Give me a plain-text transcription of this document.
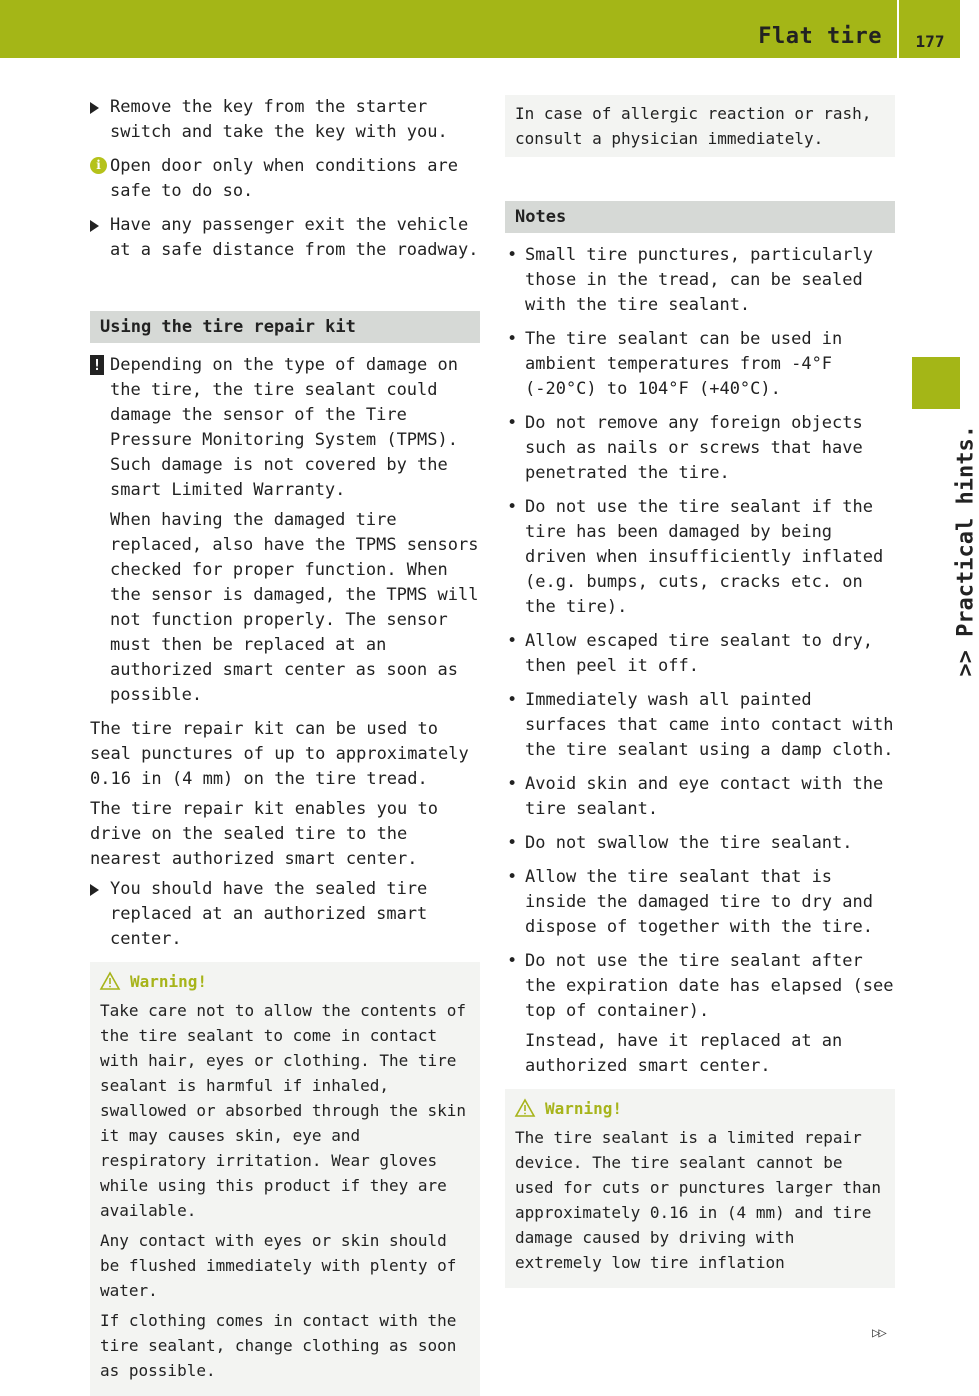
Flat tire	177
>> Practical hints.
Remove the key from the starter switch and take the key with you.
i Open door only when conditions are safe to do so.
Have any passenger exit the vehicle at a safe distance from the roadway.
Using the tire repair kit
! Depending on the type of damage on the tire, the tire sealant could damage the sensor of the Tire Pressure Monitoring System (TPMS). Such damage is not covered by the smart Limited Warranty.

When having the damaged tire replaced, also have the TPMS sensors checked for proper function. When the sensor is damaged, the TPMS will not function properly. The sensor must then be replaced at an authorized smart center as soon as possible.

The tire repair kit can be used to seal punctures of up to approximately 0.16 in (4 mm) on the tire tread.

The tire repair kit enables you to drive on the sealed tire to the nearest authorized smart center.

You should have the sealed tire replaced at an authorized smart center.
Warning!

Take care not to allow the contents of the tire sealant to come in contact with hair, eyes or clothing. The tire sealant is harmful if inhaled, swallowed or absorbed through the skin it may causes skin, eye and respiratory irritation. Wear gloves while using this product if they are available.

Any contact with eyes or skin should be flushed immediately with plenty of water.

If clothing comes in contact with the tire sealant, change clothing as soon as possible.

In case of allergic reaction or rash, consult a physician immediately.
Notes
• Small tire punctures, particularly those in the tread, can be sealed with the tire sealant.

• The tire sealant can be used in ambient temperatures from -4°F (-20°C) to 104°F (+40°C).

• Do not remove any foreign objects such as nails or screws that have penetrated the tire.

• Do not use the tire sealant if the tire has been damaged by being driven when insufficiently inflated (e.g. bumps, cuts, cracks etc. on the tire).

• Allow escaped tire sealant to dry, then peel it off.

• Immediately wash all painted surfaces that came into contact with the tire sealant using a damp cloth.

• Avoid skin and eye contact with the tire sealant.

• Do not swallow the tire sealant.

• Allow the tire sealant that is inside the damaged tire to dry and dispose of together with the tire.

• Do not use the tire sealant after the expiration date has elapsed (see top of container).

Instead, have it replaced at an authorized smart center.

Warning!

The tire sealant is a limited repair device. The tire sealant cannot be used for cuts or punctures larger than approximately 0.16 in (4 mm) and tire damage caused by driving with extremely low tire inflation

▷▷
